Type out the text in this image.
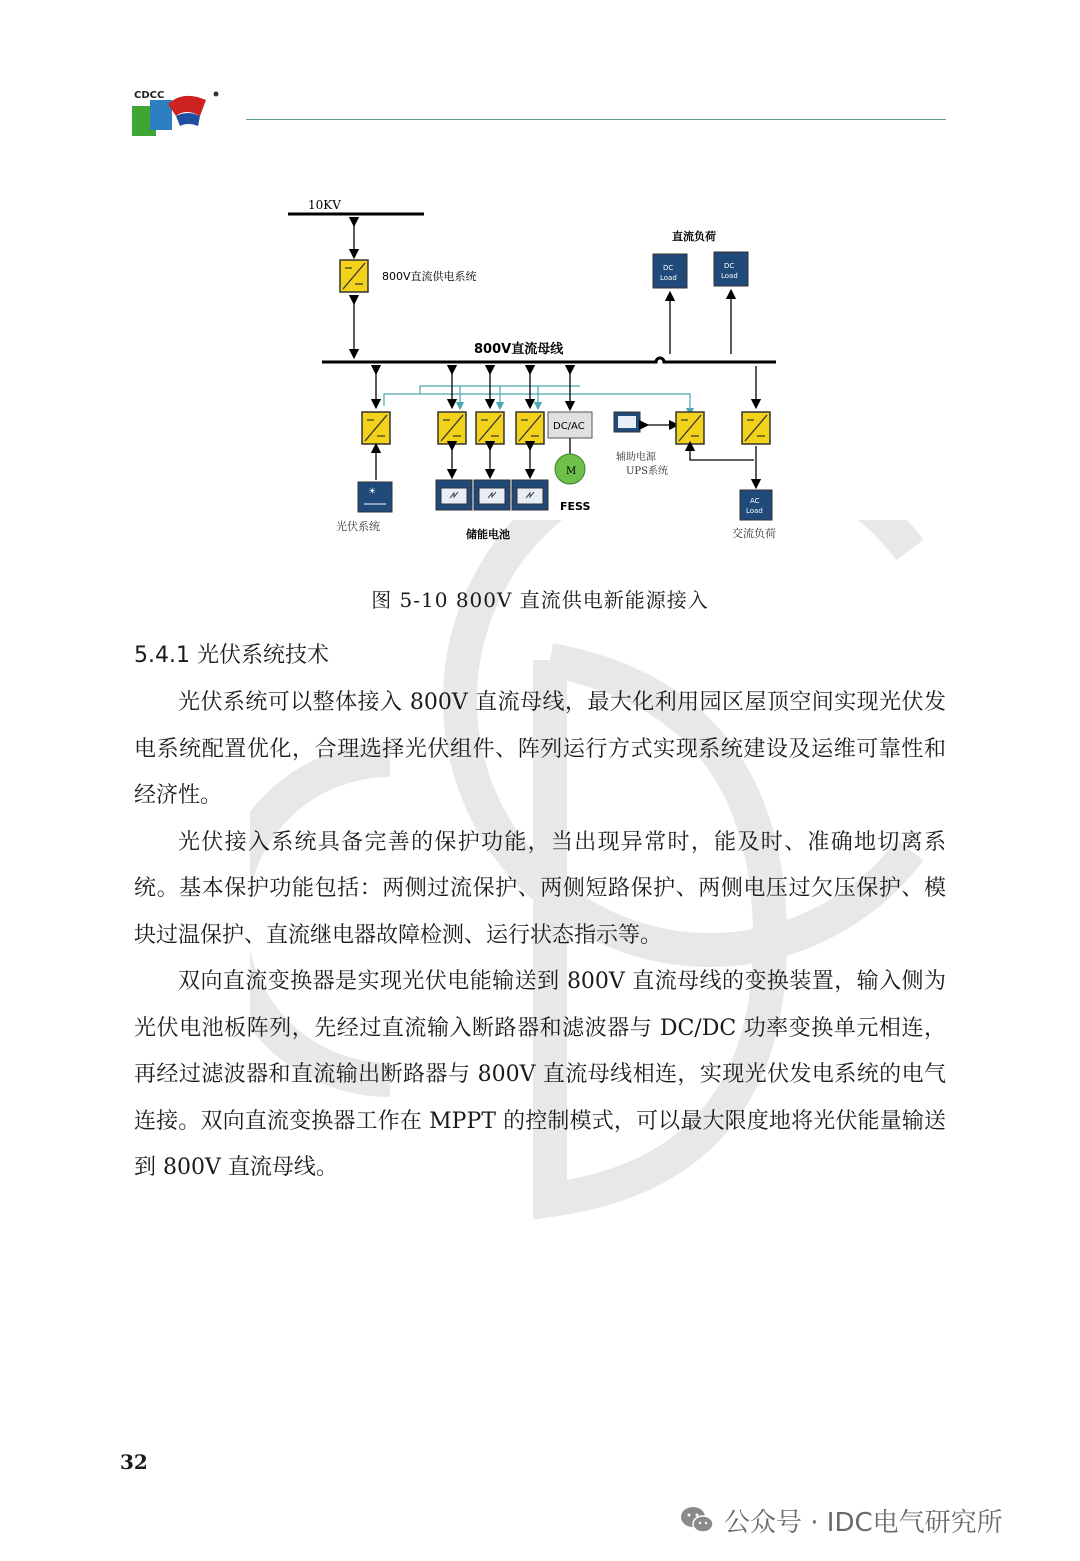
CDCC
10KV
800V直流供电系统
800V直流母线
直流负荷
DC
Load
DC
Load
☀
光伏系统
储能电池
DC/AC
M
FESS
辅助电源
UPS系统
AC
Load
交流负荷
图 5-10 800V 直流供电新能源接入
5.4.1 光伏系统技术

光伏系统可以整体接入 800V 直流母线，最大化利用园区屋顶空间实现光伏发电系统配置优化，合理选择光伏组件、阵列运行方式实现系统建设及运维可靠性和经济性。

光伏接入系统具备完善的保护功能，当出现异常时，能及时、准确地切离系统。基本保护功能包括：两侧过流保护、两侧短路保护、两侧电压过欠压保护、模块过温保护、直流继电器故障检测、运行状态指示等。

双向直流变换器是实现光伏电能输送到 800V 直流母线的变换装置，输入侧为光伏电池板阵列，先经过直流输入断路器和滤波器与 DC/DC 功率变换单元相连，再经过滤波器和直流输出断路器与 800V 直流母线相连，实现光伏发电系统的电气连接。双向直流变换器工作在 MPPT 的控制模式，可以最大限度地将光伏能量输送到 800V 直流母线。

32
公众号 · IDC电气研究所
